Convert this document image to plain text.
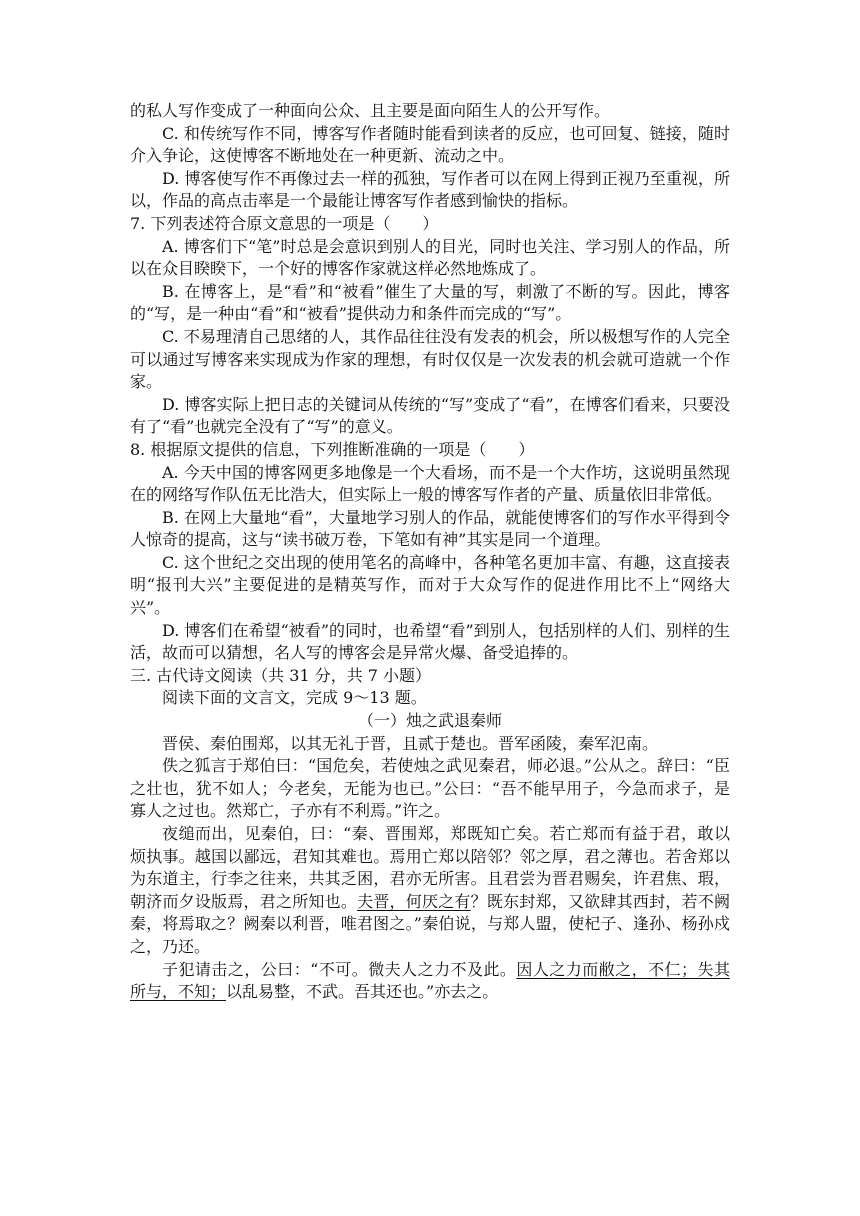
的私人写作变成了一种面向公众、且主要是面向陌生人的公开写作。

C. 和传统写作不同，博客写作者随时能看到读者的反应，也可回复、链接，随时介入争论，这使博客不断地处在一种更新、流动之中。

D. 博客使写作不再像过去一样的孤独，写作者可以在网上得到正视乃至重视，所以，作品的高点击率是一个最能让博客写作者感到愉快的指标。

7. 下列表述符合原文意思的一项是（　　）

A. 博客们下“笔”时总是会意识到别人的目光，同时也关注、学习别人的作品，所以在众目睽睽下，一个好的博客作家就这样必然地炼成了。

B. 在博客上，是“看”和“被看”催生了大量的写，刺激了不断的写。因此，博客的“写，是一种由“看”和“被看”提供动力和条件而完成的“写”。

C. 不易理清自己思绪的人，其作品往往没有发表的机会，所以极想写作的人完全可以通过写博客来实现成为作家的理想，有时仅仅是一次发表的机会就可造就一个作家。

D. 博客实际上把日志的关键词从传统的“写”变成了“看”，在博客们看来，只要没有了“看”也就完全没有了“写”的意义。

8. 根据原文提供的信息，下列推断准确的一项是（　　）

A. 今天中国的博客网更多地像是一个大看场，而不是一个大作坊，这说明虽然现在的网络写作队伍无比浩大，但实际上一般的博客写作者的产量、质量依旧非常低。

B. 在网上大量地“看”，大量地学习别人的作品，就能使博客们的写作水平得到令人惊奇的提高，这与“读书破万卷，下笔如有神”其实是同一个道理。

C. 这个世纪之交出现的使用笔名的高峰中，各种笔名更加丰富、有趣，这直接表明“报刊大兴”主要促进的是精英写作，而对于大众写作的促进作用比不上“网络大兴”。

D. 博客们在希望“被看”的同时，也希望“看”到别人，包括别样的人们、别样的生活，故而可以猜想，名人写的博客会是异常火爆、备受追捧的。

三. 古代诗文阅读（共 31 分，共 7 小题）

阅读下面的文言文，完成 9～13 题。

（一）烛之武退秦师

晋侯、秦伯围郑，以其无礼于晋，且贰于楚也。晋军函陵，秦军氾南。

佚之狐言于郑伯曰：“国危矣，若使烛之武见秦君，师必退。”公从之。辞曰：“臣之壮也，犹不如人；今老矣，无能为也已。”公曰：“吾不能早用子，今急而求子，是寡人之过也。然郑亡，子亦有不利焉。”许之。

夜缒而出，见秦伯，曰：“秦、晋围郑，郑既知亡矣。若亡郑而有益于君，敢以烦执事。越国以鄙远，君知其难也。焉用亡郑以陪邻？邻之厚，君之薄也。若舍郑以为东道主，行李之往来，共其乏困，君亦无所害。且君尝为晋君赐矣，许君焦、瑕，朝济而夕设版焉，君之所知也。夫晋，何厌之有？既东封郑，又欲肆其西封，若不阙秦，将焉取之？阙秦以利晋，唯君图之。”秦伯说，与郑人盟，使杞子、逢孙、杨孙戍之，乃还。

子犯请击之，公曰：“不可。微夫人之力不及此。因人之力而敝之，不仁；失其所与，不知；以乱易整，不武。吾其还也。”亦去之。
